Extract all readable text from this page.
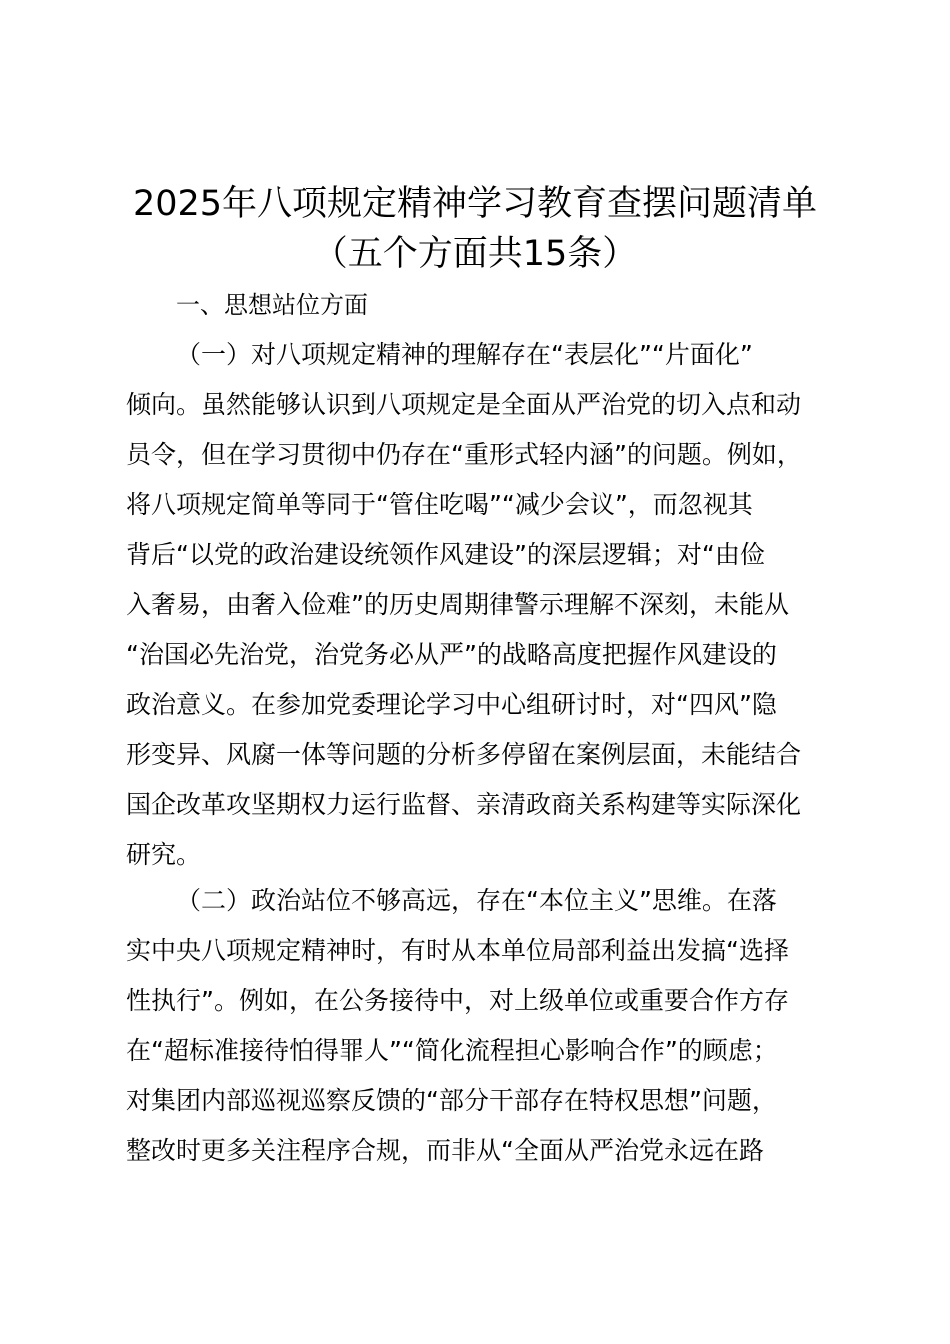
2025年八项规定精神学习教育查摆问题清单
（五个方面共15条）
一、思想站位方面
（一）对八项规定精神的理解存在“表层化”“片面化”
倾向。虽然能够认识到八项规定是全面从严治党的切入点和动
员令，但在学习贯彻中仍存在“重形式轻内涵”的问题。例如，
将八项规定简单等同于“管住吃喝”“减少会议”，而忽视其
背后“以党的政治建设统领作风建设”的深层逻辑；对“由俭
入奢易，由奢入俭难”的历史周期律警示理解不深刻，未能从
“治国必先治党，治党务必从严”的战略高度把握作风建设的
政治意义。在参加党委理论学习中心组研讨时，对“四风”隐
形变异、风腐一体等问题的分析多停留在案例层面，未能结合
国企改革攻坚期权力运行监督、亲清政商关系构建等实际深化
研究。
（二）政治站位不够高远，存在“本位主义”思维。在落
实中央八项规定精神时，有时从本单位局部利益出发搞“选择
性执行”。例如，在公务接待中，对上级单位或重要合作方存
在“超标准接待怕得罪人”“简化流程担心影响合作”的顾虑；
对集团内部巡视巡察反馈的“部分干部存在特权思想”问题，
整改时更多关注程序合规，而非从“全面从严治党永远在路
